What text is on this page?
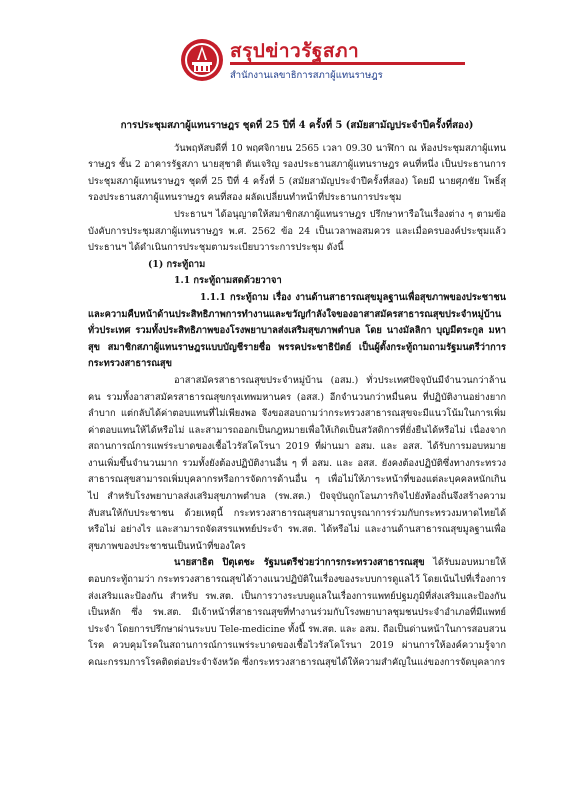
สรุปข่าวรัฐสภา
สำนักงานเลขาธิการสภาผู้แทนราษฎร

การประชุมสภาผู้แทนราษฎร ชุดที่ 25 ปีที่ 4 ครั้งที่ 5 (สมัยสามัญประจำปีครั้งที่สอง)

วันพฤหัสบดีที่ 10 พฤศจิกายน 2565 เวลา 09.30 นาฬิกา ณ ห้องประชุมสภาผู้แทนราษฎร ชั้น 2 อาคารรัฐสภา นายสุชาติ ตันเจริญ รองประธานสภาผู้แทนราษฎร คนที่หนึ่ง เป็นประธานการประชุมสภาผู้แทนราษฎร ชุดที่ 25 ปีที่ 4 ครั้งที่ 5 (สมัยสามัญประจำปีครั้งที่สอง) โดยมี นายศุภชัย โพธิ์สุ รองประธานสภาผู้แทนราษฎร คนที่สอง ผลัดเปลี่ยนทำหน้าที่ประธานการประชุม

ประธานฯ ได้อนุญาตให้สมาชิกสภาผู้แทนราษฎร ปรึกษาหารือในเรื่องต่าง ๆ ตามข้อบังคับการประชุมสภาผู้แทนราษฎร พ.ศ. 2562 ข้อ 24 เป็นเวลาพอสมควร และเมื่อครบองค์ประชุมแล้ว ประธานฯ ได้ดำเนินการประชุมตามระเบียบวาระการประชุม ดังนี้

(1) กระทู้ถาม

1.1 กระทู้ถามสดด้วยวาจา

1.1.1 กระทู้ถาม เรื่อง งานด้านสาธารณสุขมูลฐานเพื่อสุขภาพของประชาชนและความคืบหน้าด้านประสิทธิภาพการทำงานและขวัญกำลังใจของอาสาสมัครสาธารณสุขประจำหมู่บ้านทั่วประเทศ รวมทั้งประสิทธิภาพของโรงพยาบาลส่งเสริมสุขภาพตำบล โดย นางมัลลิกา บุญมีตระกูล มหาสุข สมาชิกสภาผู้แทนราษฎรแบบบัญชีรายชื่อ พรรคประชาธิปัตย์ เป็นผู้ตั้งกระทู้ถามถามรัฐมนตรีว่าการกระทรวงสาธารณสุข

อาสาสมัครสาธารณสุขประจำหมู่บ้าน (อสม.) ทั่วประเทศปัจจุบันมีจำนวนกว่าล้านคน รวมทั้งอาสาสมัครสาธารณสุขกรุงเทพมหานคร (อสส.) อีกจำนวนกว่าหมื่นคน ที่ปฏิบัติงานอย่างยากลำบาก แต่กลับได้ค่าตอบแทนที่ไม่เพียงพอ จึงขอสอบถามว่ากระทรวงสาธารณสุขจะมีแนวโน้มในการเพิ่มค่าตอบแทนให้ได้หรือไม่ และสามารถออกเป็นกฎหมายเพื่อให้เกิดเป็นสวัสดิการที่ยั่งยืนได้หรือไม่ เนื่องจากสถานการณ์การแพร่ระบาดของเชื้อไวรัสโคโรนา 2019 ที่ผ่านมา อสม. และ อสส. ได้รับการมอบหมายงานเพิ่มขึ้นจำนวนมาก รวมทั้งยังต้องปฏิบัติงานอื่น ๆ ที่ อสม. และ อสส. ยังคงต้องปฏิบัติซึ่งทางกระทรวงสาธารณสุขสามารถเพิ่มบุคลากรหรือการจัดการด้านอื่น ๆ เพื่อไม่ให้ภาระหน้าที่ของแต่ละบุคคลหนักเกินไป สำหรับโรงพยาบาลส่งเสริมสุขภาพตำบล (รพ.สต.) ปัจจุบันถูกโอนภารกิจไปยังท้องถิ่นจึงสร้างความสับสนให้กับประชาชน ด้วยเหตุนี้ กระทรวงสาธารณสุขสามารถบูรณาการร่วมกับกระทรวงมหาดไทยได้หรือไม่ อย่างไร และสามารถจัดสรรแพทย์ประจำ รพ.สต. ได้หรือไม่ และงานด้านสาธารณสุขมูลฐานเพื่อสุขภาพของประชาชนเป็นหน้าที่ของใคร

นายสาธิต ปิตุเตชะ รัฐมนตรีช่วยว่าการกระทรวงสาธารณสุข ได้รับมอบหมายให้ตอบกระทู้ถามว่า กระทรวงสาธารณสุขได้วางแนวปฏิบัติในเรื่องของระบบการดูแลไว้ โดยเน้นไปที่เรื่องการส่งเสริมและป้องกัน สำหรับ รพ.สต. เป็นการวางระบบดูแลในเรื่องการแพทย์ปฐมภูมิที่ส่งเสริมและป้องกันเป็นหลัก ซึ่ง รพ.สต. มีเจ้าหน้าที่สาธารณสุขที่ทำงานร่วมกับโรงพยาบาลชุมชนประจำอำเภอที่มีแพทย์ประจำ โดยการปรึกษาผ่านระบบ Tele-medicine ทั้งนี้ รพ.สต. และ อสม. ถือเป็นด่านหน้าในการสอบสวนโรค ควบคุมโรคในสถานการณ์การแพร่ระบาดของเชื้อไวรัสโคโรนา 2019 ผ่านการให้องค์ความรู้จากคณะกรรมการโรคติดต่อประจำจังหวัด ซึ่งกระทรวงสาธารณสุขได้ให้ความสำคัญในแง่ของการจัดบุคลากร
